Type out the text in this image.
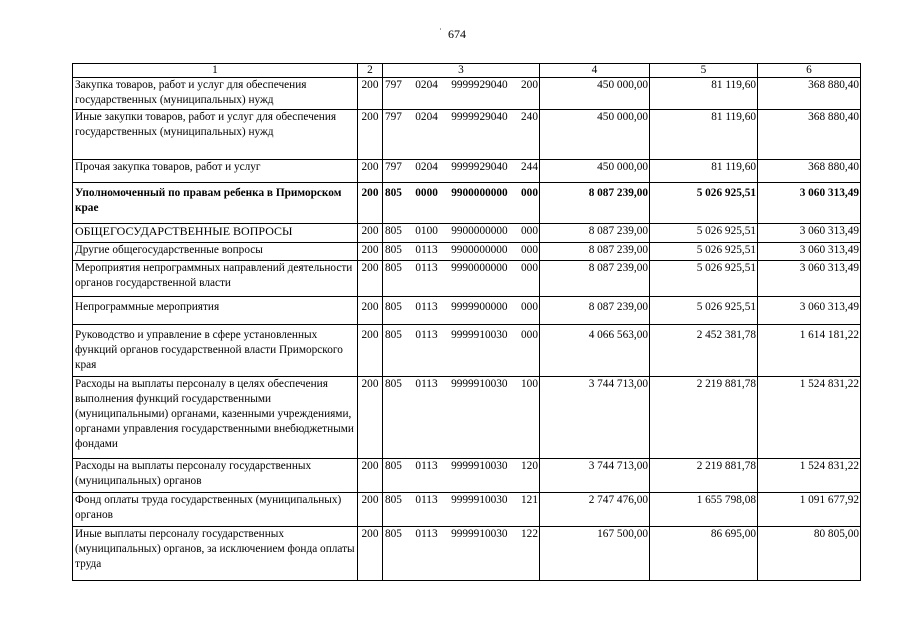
˙ 674
1	2	3	4	5	6
Закупка товаров, работ и услуг для обеспечения государственных (муниципальных) нужд	200	797 0204 9999929040 200	450 000,00	81 119,60	368 880,40
Иные закупки товаров, работ и услуг для обеспечения государственных (муниципальных) нужд	200	797 0204 9999929040 240	450 000,00	81 119,60	368 880,40
Прочая закупка товаров, работ и услуг	200	797 0204 9999929040 244	450 000,00	81 119,60	368 880,40
Уполномоченный по правам ребенка в Приморском крае	200	805 0000 9900000000 000	8 087 239,00	5 026 925,51	3 060 313,49
ОБЩЕГОСУДАРСТВЕННЫЕ ВОПРОСЫ	200	805 0100 9900000000 000	8 087 239,00	5 026 925,51	3 060 313,49
Другие общегосударственные вопросы	200	805 0113 9900000000 000	8 087 239,00	5 026 925,51	3 060 313,49
Мероприятия непрограммных направлений деятельности органов государственной власти	200	805 0113 9990000000 000	8 087 239,00	5 026 925,51	3 060 313,49
Непрограммные мероприятия	200	805 0113 9999900000 000	8 087 239,00	5 026 925,51	3 060 313,49
Руководство и управление в сфере установленных функций органов государственной власти Приморского края	200	805 0113 9999910030 000	4 066 563,00	2 452 381,78	1 614 181,22
Расходы на выплаты персоналу в целях обеспечения выполнения функций государственными (муниципальными) органами, казенными учреждениями, органами управления государственными внебюджетными фондами	200	805 0113 9999910030 100	3 744 713,00	2 219 881,78	1 524 831,22
Расходы на выплаты персоналу государственных (муниципальных) органов	200	805 0113 9999910030 120	3 744 713,00	2 219 881,78	1 524 831,22
Фонд оплаты труда государственных (муниципальных) органов	200	805 0113 9999910030 121	2 747 476,00	1 655 798,08	1 091 677,92
Иные выплаты персоналу государственных (муниципальных) органов, за исключением фонда оплаты труда	200	805 0113 9999910030 122	167 500,00	86 695,00	80 805,00
